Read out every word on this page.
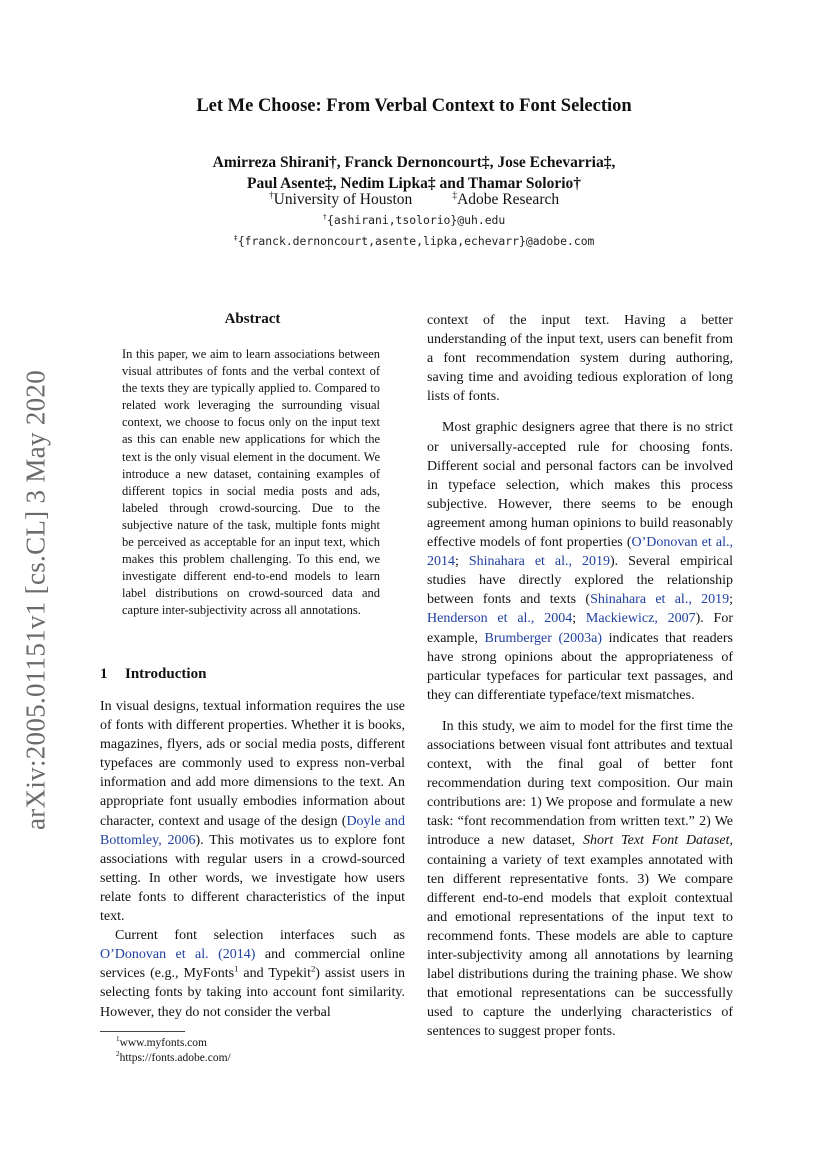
arXiv:2005.01151v1 [cs.CL] 3 May 2020
Let Me Choose: From Verbal Context to Font Selection
Amirreza Shirani†, Franck Dernoncourt‡, Jose Echevarria‡,
Paul Asente‡, Nedim Lipka‡ and Thamar Solorio†
†University of Houston	‡Adobe Research
†{ashirani,tsolorio}@uh.edu
‡{franck.dernoncourt,asente,lipka,echevarr}@adobe.com
Abstract
In this paper, we aim to learn associations between visual attributes of fonts and the verbal context of the texts they are typically applied to. Compared to related work leveraging the surrounding visual context, we choose to focus only on the input text as this can enable new applications for which the text is the only visual element in the document. We introduce a new dataset, containing examples of different topics in social media posts and ads, labeled through crowd-sourcing. Due to the subjective nature of the task, multiple fonts might be perceived as acceptable for an input text, which makes this problem challenging. To this end, we investigate different end-to-end models to learn label distributions on crowd-sourced data and capture inter-subjectivity across all annotations.
1 Introduction

In visual designs, textual information requires the use of fonts with different properties. Whether it is books, magazines, flyers, ads or social media posts, different typefaces are commonly used to express non-verbal information and add more dimensions to the text. An appropriate font usually embodies information about character, context and usage of the design (Doyle and Bottomley, 2006). This motivates us to explore font associations with regular users in a crowd-sourced setting. In other words, we investigate how users relate fonts to different characteristics of the input text.

Current font selection interfaces such as O’Donovan et al. (2014) and commercial online services (e.g., MyFonts$^1$ and Typekit$^2$) assist users in selecting fonts by taking into account font similarity. However, they do not consider the verbal

$^1$www.myfonts.com
$^2$https://fonts.adobe.com/

context of the input text. Having a better understanding of the input text, users can benefit from a font recommendation system during authoring, saving time and avoiding tedious exploration of long lists of fonts.

Most graphic designers agree that there is no strict or universally-accepted rule for choosing fonts. Different social and personal factors can be involved in typeface selection, which makes this process subjective. However, there seems to be enough agreement among human opinions to build reasonably effective models of font properties (O’Donovan et al., 2014; Shinahara et al., 2019). Several empirical studies have directly explored the relationship between fonts and texts (Shinahara et al., 2019; Henderson et al., 2004; Mackiewicz, 2007). For example, Brumberger (2003a) indicates that readers have strong opinions about the appropriateness of particular typefaces for particular text passages, and they can differentiate typeface/text mismatches.

In this study, we aim to model for the first time the associations between visual font attributes and textual context, with the final goal of better font recommendation during text composition. Our main contributions are: 1) We propose and formulate a new task: “font recommendation from written text.” 2) We introduce a new dataset, Short Text Font Dataset, containing a variety of text examples annotated with ten different representative fonts. 3) We compare different end-to-end models that exploit contextual and emotional representations of the input text to recommend fonts. These models are able to capture inter-subjectivity among all annotations by learning label distributions during the training phase. We show that emotional representations can be successfully used to capture the underlying characteristics of sentences to suggest proper fonts.
